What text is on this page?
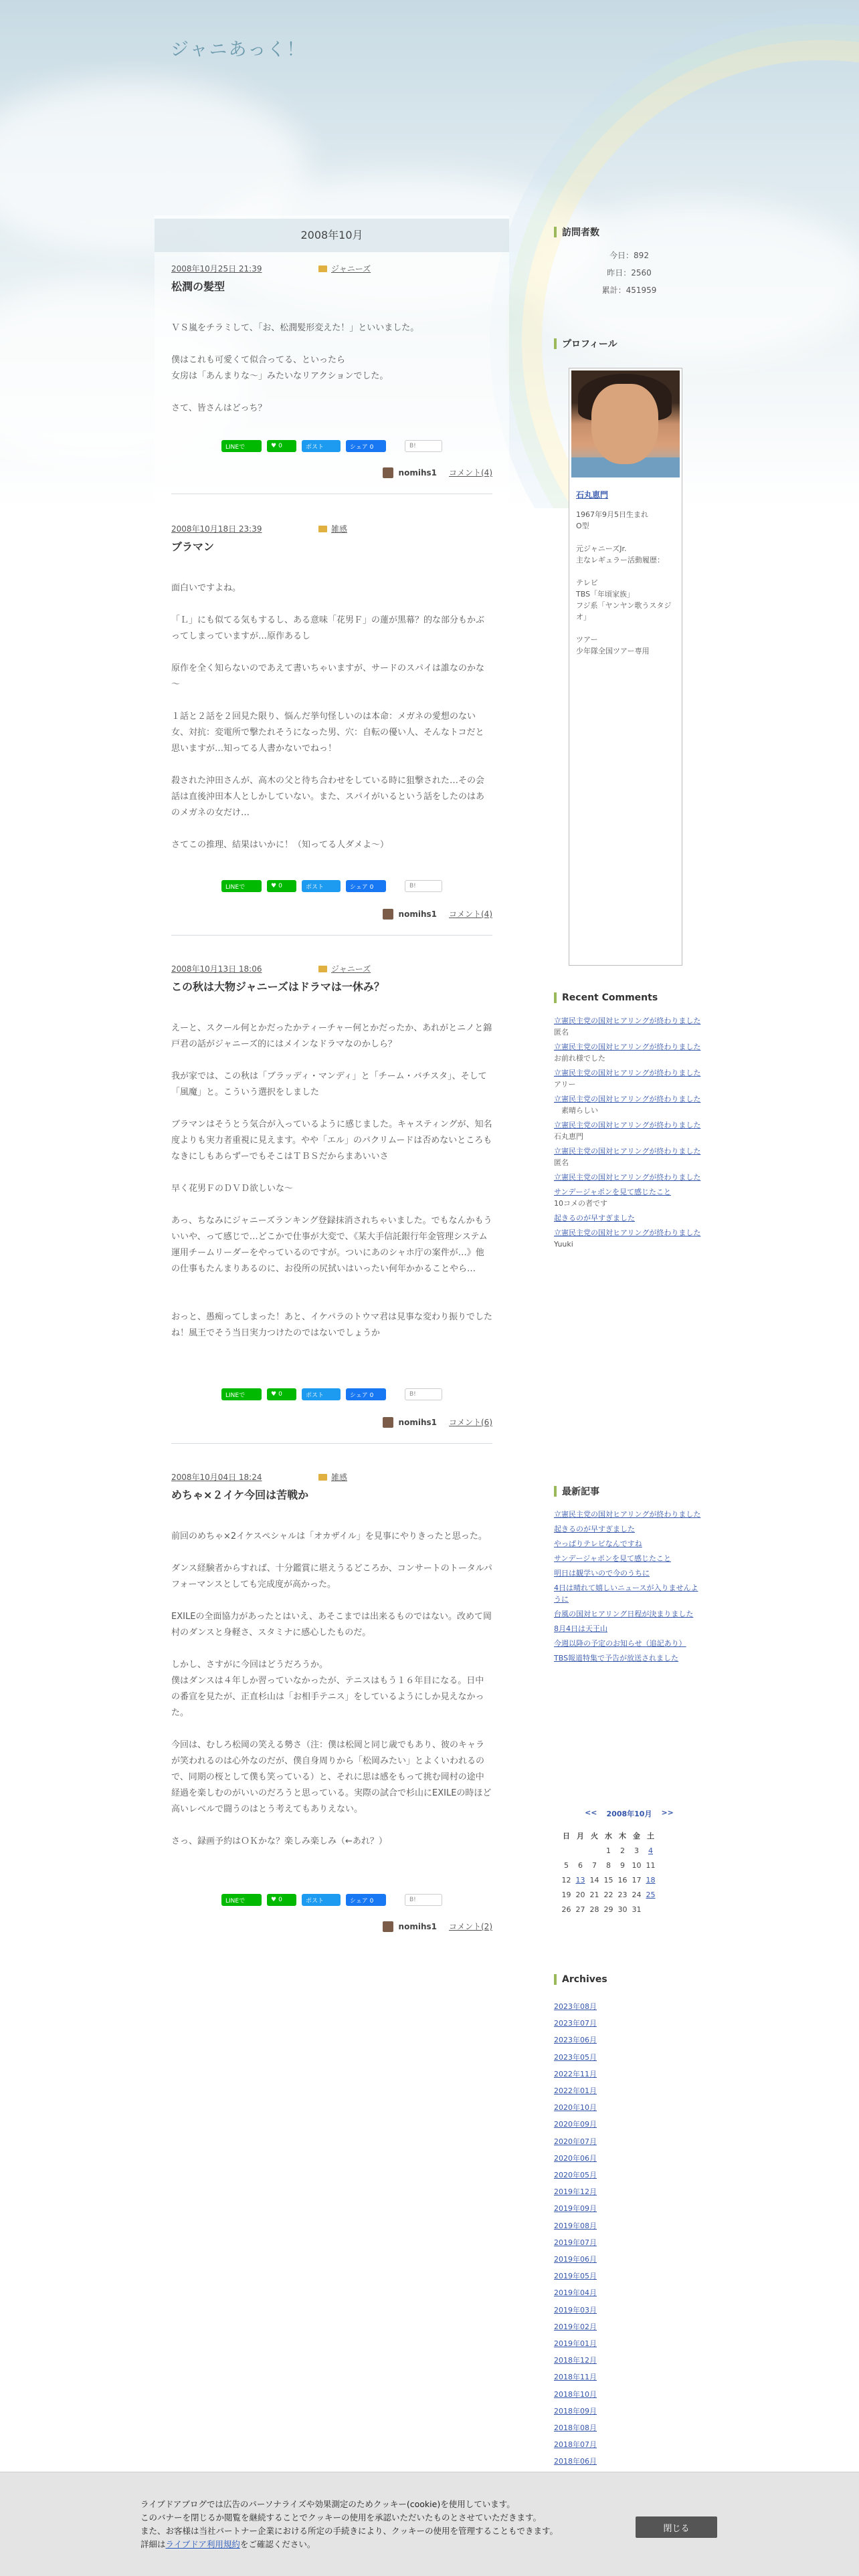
ジャニあっく！
2008年10月
2008年10月25日 21:39	ジャニーズ
松潤の髪型
ＶＳ嵐をチラミして、「お、松潤髪形変えた！」といいました。

僕はこれも可愛くて似合ってる、といったら
女房は「あんまりな～」みたいなリアクションでした。

さて、皆さんはどっち？
LINEで	♥ 0	ポスト	シェア 0	B!
nomihs1 コメント(4)
2008年10月18日 23:39	雑感
ブラマン
面白いですよね。

「Ｌ」にも似てる気もするし、ある意味「花男Ｆ」の蓮が黒幕？的な部分もかぶってしまっていますが…原作あるし

原作を全く知らないのであえて書いちゃいますが、サードのスパイは誰なのかな～

１話と２話を２回見た限り、悩んだ挙句怪しいのは本命：メガネの愛想のない女、対抗：変電所で撃たれそうになった男、穴：自転の優い人、そんなトコだと思いますが…知ってる人書かないでねっ！

殺された沖田さんが、高木の父と待ち合わせをしている時に狙撃された…その会話は直後沖田本人としかしていない。また、スパイがいるという話をしたのはあのメガネの女だけ…

さてこの推理、結果はいかに！（知ってる人ダメよ～）
LINEで	♥ 0	ポスト	シェア 0	B!
nomihs1 コメント(4)
2008年10月13日 18:06	ジャニーズ
この秋は大物ジャニーズはドラマは一休み？
えーと、スクール何とかだったかティーチャー何とかだったか、あれがとニノと錦戸君の話がジャニーズ的にはメインなドラマなのかしら？

我が家では、この秋は「ブラッディ・マンディ」と「チーム・バチスタ」、そして「風魔」と。こういう選択をしました

ブラマンはそうとう気合が入っているように感じました。キャスティングが、知名度よりも実力者重視に見えます。やや「エル」のパクリムードは否めないところもなきにしもあらずーでもそこはＴＢＳだからまあいいさ

早く花男ＦのＤＶＤ欲しいな～

あっ、ちなみにジャニーズランキング登録抹消されちゃいました。でもなんかもういいや、って感じで…どこかで仕事が大変で、《某大手信託銀行年金管理システム運用チームリーダーをやっているのですが。ついにあのシャホ庁の案件が…》他の仕事もたんまりあるのに、お役所の尻拭いはいったい何年かかることやら…

おっと、愚痴ってしまった！あと、イケパラのトウマ君は見事な変わり振りでしたね！風王でそう当日実力つけたのではないでしょうか
LINEで	♥ 0	ポスト	シェア 0	B!
nomihs1 コメント(6)
2008年10月04日 18:24	雑感
めちゃ×２イケ今回は苦戦か
前回のめちゃ×2イケスペシャルは「オカザイル」を見事にやりきったと思った。

ダンス経験者からすれば、十分鑑賞に堪えうるどころか、コンサートのトータルパフォーマンスとしても完成度が高かった。

EXILEの全面協力があったとはいえ、あそこまでは出来るものではない。改めて岡村のダンスと身軽さ、スタミナに感心したものだ。

しかし、さすがに今回はどうだろうか。
僕はダンスは４年しか習っていなかったが、テニスはもう１６年目になる。日中の番宣を見たが、正直杉山は「お相手テニス」をしているようにしか見えなかった。

今回は、むしろ松岡の笑える勢さ（注：僕は松岡と同じ歳でもあり、彼のキャラが笑われるのは心外なのだが、僕自身周りから「松岡みたい」とよくいわれるので、同期の桜として僕も笑っている）と、それに思は感をもって挑む岡村の途中経過を楽しむのがいいのだろうと思っている。実際の試合で杉山にEXILEの時ほど高いレベルで闘うのはとう考えてもありえない。

さっ、録画予約はＯＫかな？楽しみ楽しみ（←あれ？）
LINEで	♥ 0	ポスト	シェア 0	B!
nomihs1 コメント(2)
訪問者数
今日：892
昨日：2560
累計：451959
プロフィール
石丸恵門
1967年9月5日生まれ
O型

元ジャニーズJr.
主なレギュラー活動履歴：

テレビ
TBS「年頃家族」
フジ系「ヤンヤン歌うスタジオ」

ツアー
少年隊全国ツアー専用
Recent Comments
立憲民主党の国対ヒアリングが終わりました
匿名
立憲民主党の国対ヒアリングが終わりました
お前れ様でした
立憲民主党の国対ヒアリングが終わりました
アリー
立憲民主党の国対ヒアリングが終わりました
　素晴らしい
立憲民主党の国対ヒアリングが終わりました
石丸恵門
立憲民主党の国対ヒアリングが終わりました
匿名
立憲民主党の国対ヒアリングが終わりました
サンデージャポンを見て感じたこと
10コメの者です
起きるのが早すぎました
立憲民主党の国対ヒアリングが終わりました
Yuuki
最新記事
立憲民主党の国対ヒアリングが終わりました
起きるのが早すぎました
やっぱりテレビなんですね
サンデージャポンを見て感じたこと
明日は観学いので今のうちに
4日は晴れて嬉しいニュースが入りませんように
台風の国対ヒアリング日程が決まりました
8月4日は天王山
今週以降の予定のお知らせ（追記あり）
TBS報道特集で予告が放送されました
<< 2008年10月 >>
日	月	火	水	木	金	土
			1	2	3	4
5	6	7	8	9	10	11
12	13	14	15	16	17	18
19	20	21	22	23	24	25
26	27	28	29	30	31	
Archives
2023年08月
2023年07月
2023年06月
2023年05月
2022年11月
2022年01月
2020年10月
2020年09月
2020年07月
2020年06月
2020年05月
2019年12月
2019年09月
2019年08月
2019年07月
2019年06月
2019年05月
2019年04月
2019年03月
2019年02月
2019年01月
2018年12月
2018年11月
2018年10月
2018年09月
2018年08月
2018年07月
2018年06月
ライブドアブログでは広告のパーソナライズや効果測定のためクッキー(cookie)を使用しています。
このバナーを閉じるか閲覧を継続することでクッキーの使用を承認いただいたものとさせていただきます。
また、お客様は当社パートナー企業における所定の手続きにより、クッキーの使用を管理することもできます。
詳細はライブドア利用規約をご確認ください。
閉じる
